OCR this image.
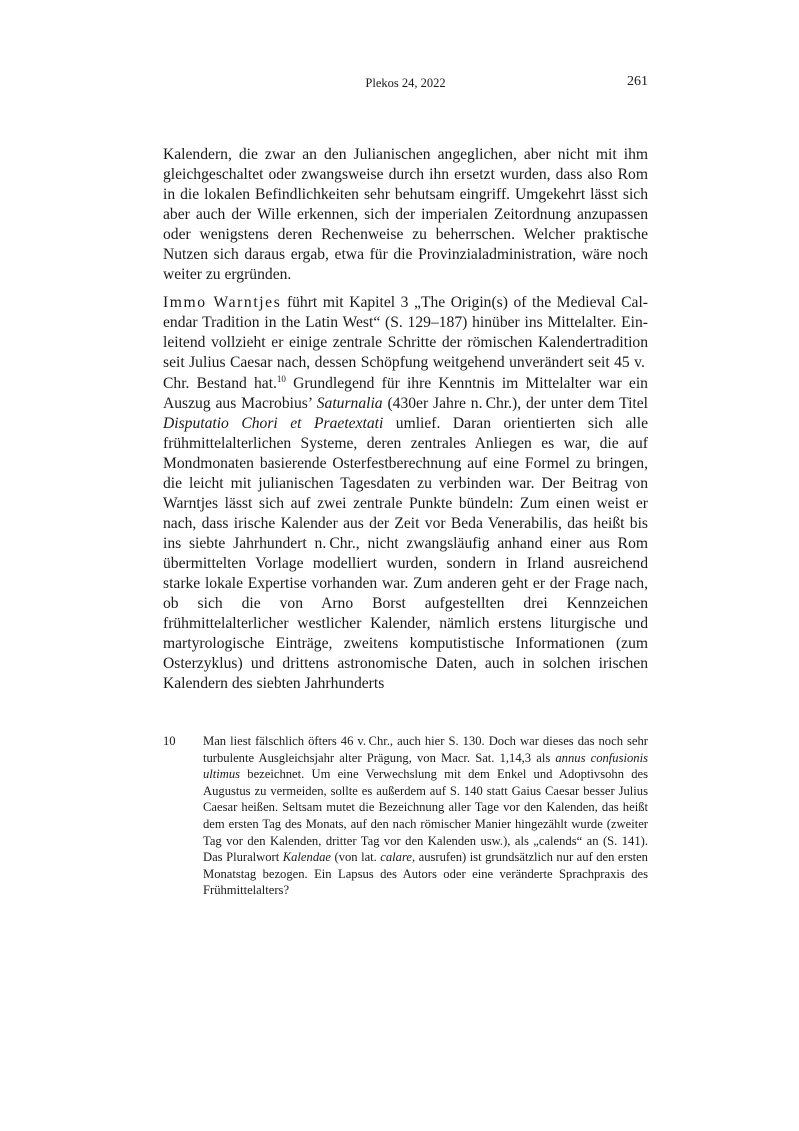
Plekos 24, 2022	261

Kalendern, die zwar an den Julianischen angeglichen, aber nicht mit ihm gleichgeschaltet oder zwangsweise durch ihn ersetzt wurden, dass also Rom in die lokalen Befindlichkeiten sehr behutsam eingriff. Umgekehrt lässt sich aber auch der Wille erkennen, sich der imperialen Zeitordnung anzupassen oder wenigstens deren Rechenweise zu beherrschen. Welcher praktische Nutzen sich daraus ergab, etwa für die Provinzialadministration, wäre noch weiter zu ergründen.

Immo Warntjes führt mit Kapitel 3 „The Origin(s) of the Medieval Calendar Tradition in the Latin West“ (S. 129–187) hinüber ins Mittelalter. Einleitend vollzieht er einige zentrale Schritte der römischen Kalendertradition seit Julius Caesar nach, dessen Schöpfung weitgehend unverändert seit 45 v. Chr. Bestand hat.$^{10}$ Grundlegend für ihre Kenntnis im Mittelalter war ein Auszug aus Macrobius’ Saturnalia (430er Jahre n. Chr.), der unter dem Titel Disputatio Chori et Praetextati umlief. Daran orientierten sich alle frühmittelalterlichen Systeme, deren zentrales Anliegen es war, die auf Mondmonaten basierende Osterfestberechnung auf eine Formel zu bringen, die leicht mit julianischen Tagesdaten zu verbinden war. Der Beitrag von Warntjes lässt sich auf zwei zentrale Punkte bündeln: Zum einen weist er nach, dass irische Kalender aus der Zeit vor Beda Venerabilis, das heißt bis ins siebte Jahrhundert n. Chr., nicht zwangsläufig anhand einer aus Rom übermittelten Vorlage modelliert wurden, sondern in Irland ausreichend starke lokale Expertise vorhanden war. Zum anderen geht er der Frage nach, ob sich die von Arno Borst aufgestellten drei Kennzeichen frühmittelalterlicher westlicher Kalender, nämlich erstens liturgische und martyrologische Einträge, zweitens komputistische Informationen (zum Osterzyklus) und drittens astronomische Daten, auch in solchen irischen Kalendern des siebten Jahrhunderts

10	Man liest fälschlich öfters 46 v. Chr., auch hier S. 130. Doch war dieses das noch sehr turbulente Ausgleichsjahr alter Prägung, von Macr. Sat. 1,14,3 als annus confusionis ultimus bezeichnet. Um eine Verwechslung mit dem Enkel und Adoptivsohn des Augustus zu vermeiden, sollte es außerdem auf S. 140 statt Gaius Caesar besser Julius Caesar heißen. Seltsam mutet die Bezeichnung aller Tage vor den Kalenden, das heißt dem ersten Tag des Monats, auf den nach römischer Manier hingezählt wurde (zweiter Tag vor den Kalenden, dritter Tag vor den Kalenden usw.), als „calends“ an (S. 141). Das Pluralwort Kalendae (von lat. calare, ausrufen) ist grundsätzlich nur auf den ersten Monatstag bezogen. Ein Lapsus des Autors oder eine veränderte Sprachpraxis des Frühmittelalters?
